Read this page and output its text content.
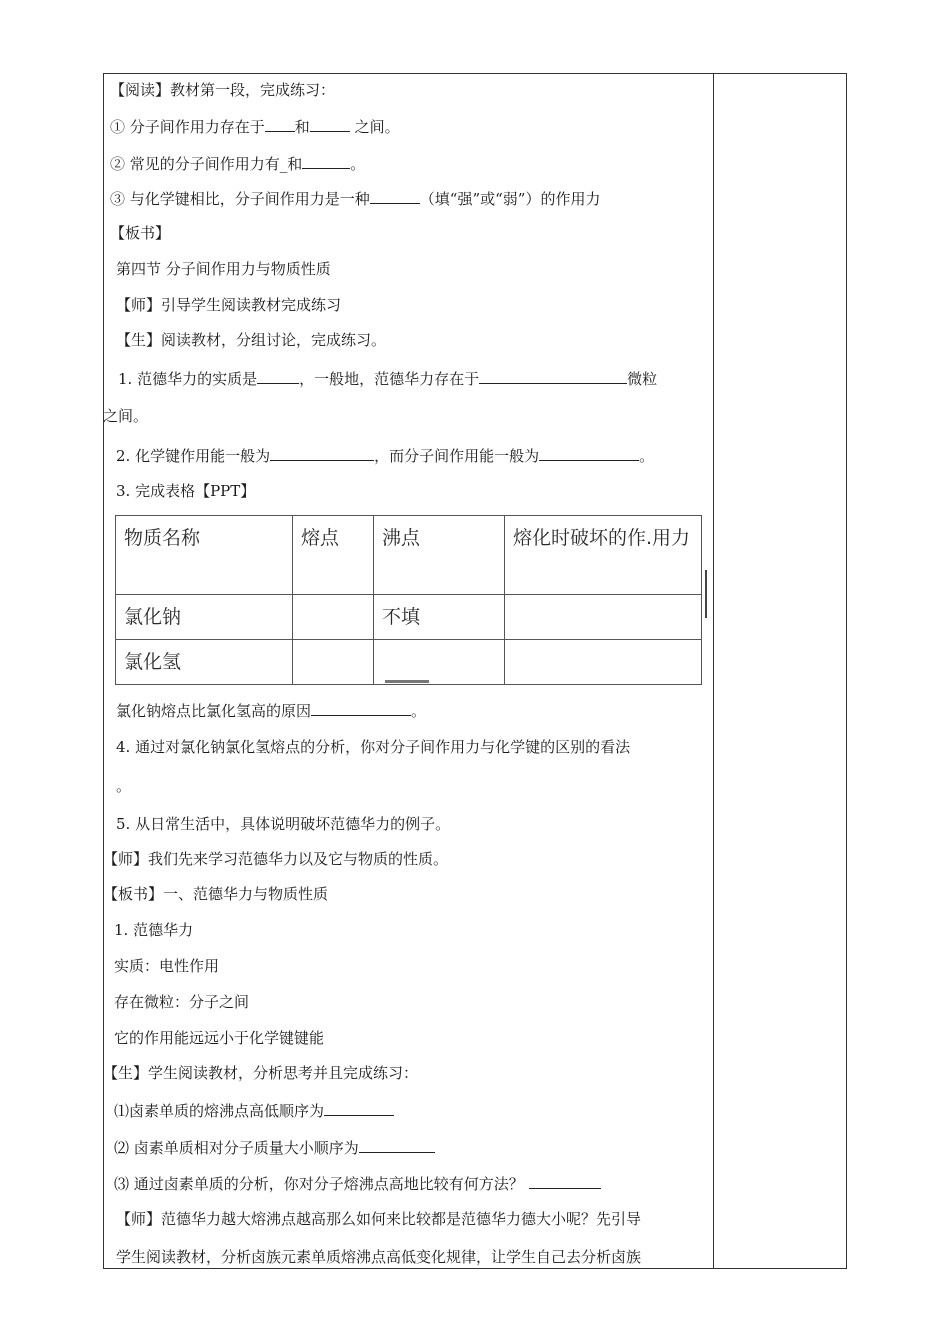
【阅读】教材第一段，完成练习：
① 分子间作用力存在于 和	之间。
② 常见的分子间作用力有_和	。
③ 与化学键相比，分子间作用力是一种	（填“强”或“弱”）的作用力
【板书】
第四节 分子间作用力与物质性质
【师】引导学生阅读教材完成练习
【生】阅读教材，分组讨论，完成练习。
1. 范德华力的实质是	，一般地，范德华力存在于	微粒
之间。
2. 化学键作用能一般为	，而分子间作用能一般为	。
3. 完成表格【PPT】
物质名称	熔点	沸点	熔化时破坏的作.用力
氯化钠		不填	
氯化氢			
氯化钠熔点比氯化氢高的原因	。
4. 通过对氯化钠氯化氢熔点的分析，你对分子间作用力与化学键的区别的看法
。
5. 从日常生活中，具体说明破坏范德华力的例子。
【师】我们先来学习范德华力以及它与物质的性质。
【板书】一、范德华力与物质性质
1. 范德华力
实质：电性作用
存在微粒：分子之间
它的作用能远远小于化学键键能
【生】学生阅读教材，分析思考并且完成练习：
⑴卤素单质的熔沸点高低顺序为
⑵ 卤素单质相对分子质量大小顺序为
⑶ 通过卤素单质的分析，你对分子熔沸点高地比较有何方法？
【师】范德华力越大熔沸点越高那么如何来比较都是范德华力德大小呢？先引导
学生阅读教材，分析卤族元素单质熔沸点高低变化规律，让学生自己去分析卤族
